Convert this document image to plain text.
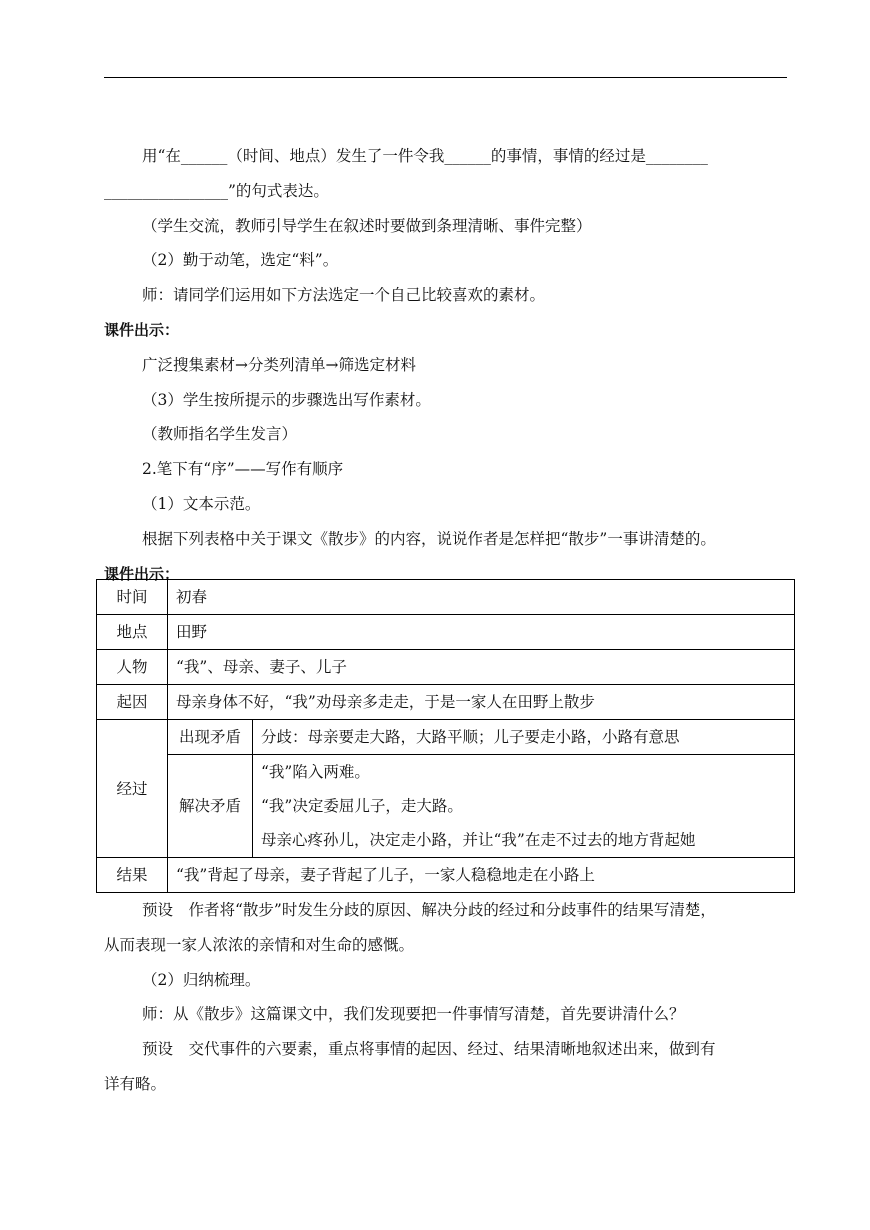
用“在______（时间、地点）发生了一件令我______的事情，事情的经过是________

________________”的句式表达。

（学生交流，教师引导学生在叙述时要做到条理清晰、事件完整）

（2）勤于动笔，选定“料”。

师：请同学们运用如下方法选定一个自己比较喜欢的素材。

课件出示：

广泛搜集素材→分类列清单→筛选定材料

（3）学生按所提示的步骤选出写作素材。

（教师指名学生发言）

2.笔下有“序”——写作有顺序

（1）文本示范。

根据下列表格中关于课文《散步》的内容，说说作者是怎样把“散步”一事讲清楚的。

课件出示：

时间	初春	
地点	田野	
人物	“我”、母亲、妻子、儿子	
起因	母亲身体不好，“我”劝母亲多走走，于是一家人在田野上散步	
经过	出现矛盾	分歧：母亲要走大路，大路平顺；儿子要走小路，小路有意思
	解决矛盾	“我”陷入两难。
“我”决定委屈儿子，走大路。
母亲心疼孙儿，决定走小路，并让“我”在走不过去的地方背起她

结果	“我”背起了母亲，妻子背起了儿子，一家人稳稳地走在小路上	

预设　作者将“散步”时发生分歧的原因、解决分歧的经过和分歧事件的结果写清楚，

从而表现一家人浓浓的亲情和对生命的感慨。

（2）归纳梳理。

师：从《散步》这篇课文中，我们发现要把一件事情写清楚，首先要讲清什么？

预设　交代事件的六要素，重点将事情的起因、经过、结果清晰地叙述出来，做到有

详有略。
